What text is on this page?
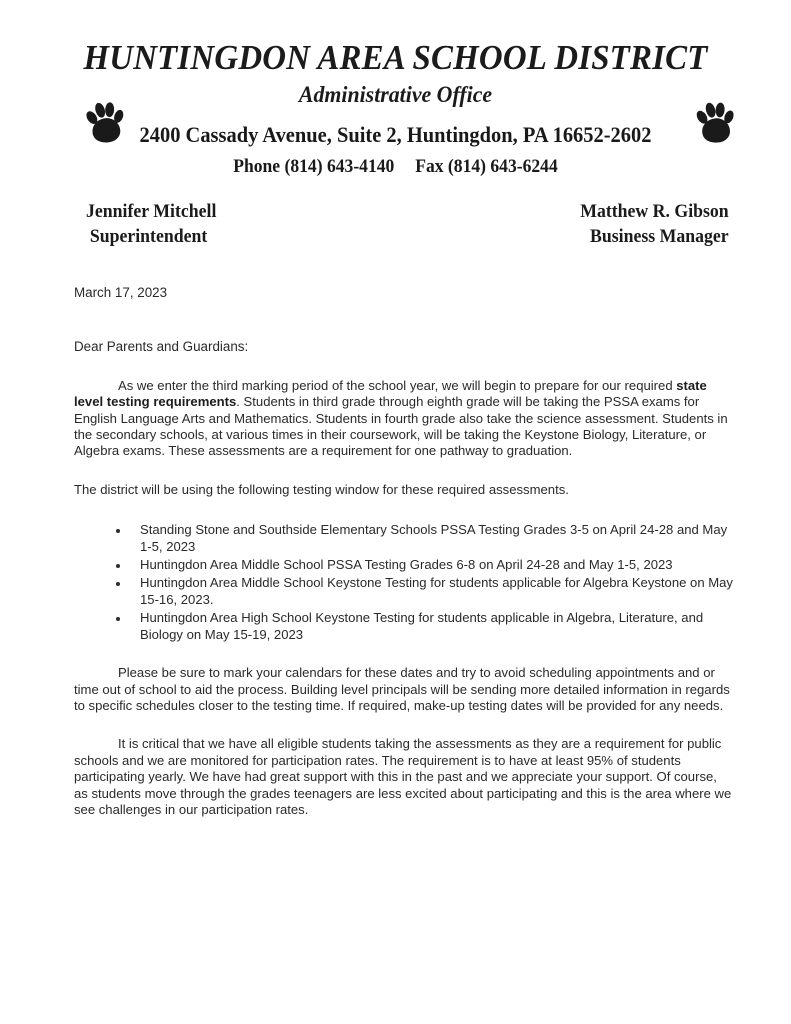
HUNTINGDON AREA SCHOOL DISTRICT
Administrative Office
2400 Cassady Avenue, Suite 2, Huntingdon, PA 16652-2602
Phone (814) 643-4140 Fax (814) 643-6244
Jennifer Mitchell
Superintendent
Matthew R. Gibson
Business Manager
March 17, 2023
Dear Parents and Guardians:

As we enter the third marking period of the school year, we will begin to prepare for our required state level testing requirements. Students in third grade through eighth grade will be taking the PSSA exams for English Language Arts and Mathematics. Students in fourth grade also take the science assessment. Students in the secondary schools, at various times in their coursework, will be taking the Keystone Biology, Literature, or Algebra exams. These assessments are a requirement for one pathway to graduation.

The district will be using the following testing window for these required assessments.

Standing Stone and Southside Elementary Schools PSSA Testing Grades 3-5 on April 24-28 and May 1-5, 2023
Huntingdon Area Middle School PSSA Testing Grades 6-8 on April 24-28 and May 1-5, 2023
Huntingdon Area Middle School Keystone Testing for students applicable for Algebra Keystone on May 15-16, 2023.
Huntingdon Area High School Keystone Testing for students applicable in Algebra, Literature, and Biology on May 15-19, 2023

Please be sure to mark your calendars for these dates and try to avoid scheduling appointments and or time out of school to aid the process. Building level principals will be sending more detailed information in regards to specific schedules closer to the testing time. If required, make-up testing dates will be provided for any needs.

It is critical that we have all eligible students taking the assessments as they are a requirement for public schools and we are monitored for participation rates. The requirement is to have at least 95% of students participating yearly. We have had great support with this in the past and we appreciate your support. Of course, as students move through the grades teenagers are less excited about participating and this is the area where we see challenges in our participation rates.
